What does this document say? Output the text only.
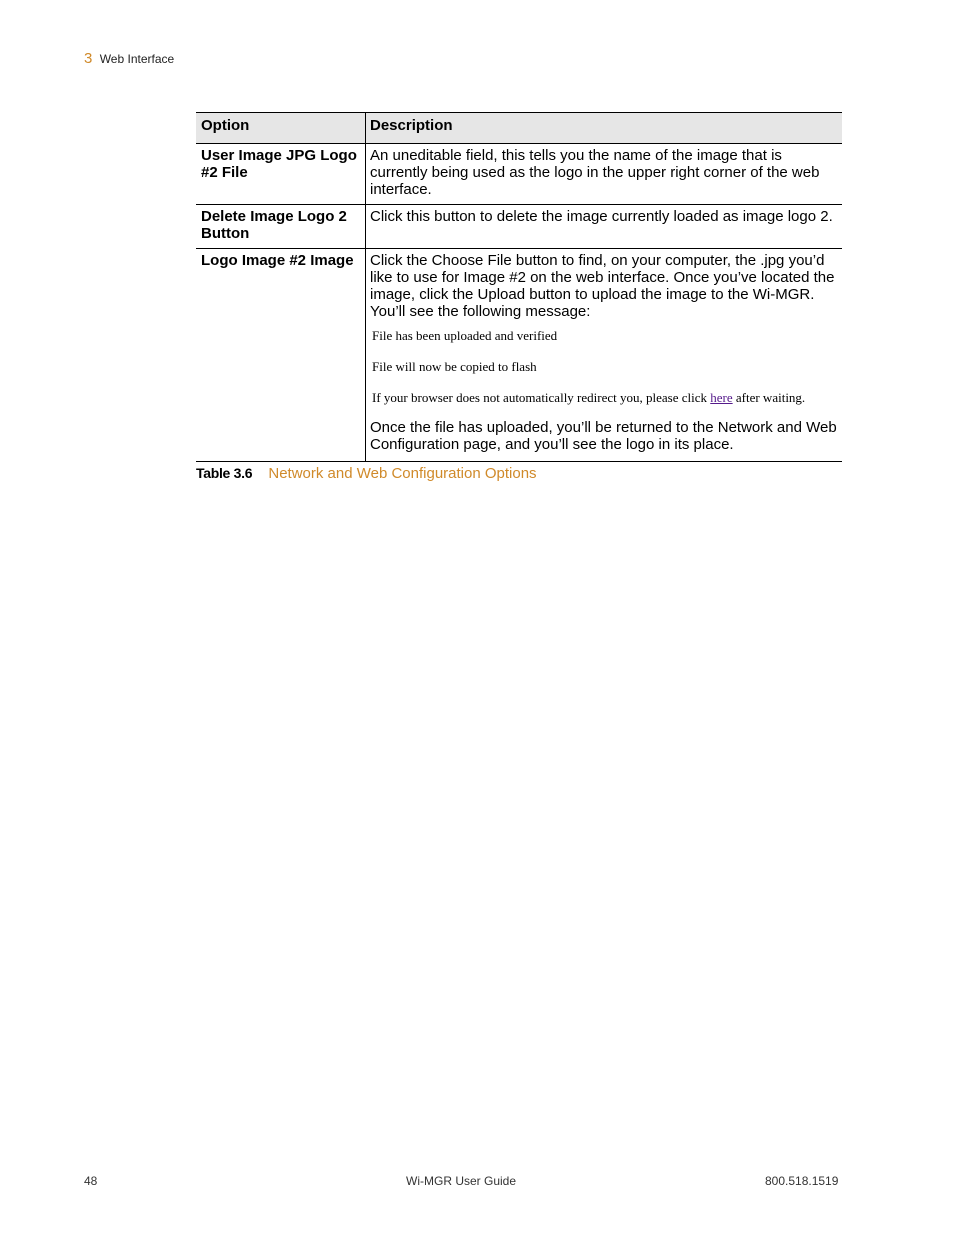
3 Web Interface
Option	Description
User Image JPG Logo #2 File	An uneditable field, this tells you the name of the image that is currently being used as the logo in the upper right corner of the web interface.
Delete Image Logo 2 Button	Click this button to delete the image currently loaded as image logo 2.
Logo Image #2 Image	Click the Choose File button to find, on your computer, the .jpg you’d like to use for Image #2 on the web interface. Once you’ve located the image, click the Upload button to upload the image to the Wi-MGR. You’ll see the following message:

File has been uploaded and verified

File will now be copied to flash

If your browser does not automatically redirect you, please click here after waiting.

Once the file has uploaded, you’ll be returned to the Network and Web Configuration page, and you’ll see the logo in its place.
Table 3.6 Network and Web Configuration Options
48	Wi-MGR User Guide	800.518.1519
